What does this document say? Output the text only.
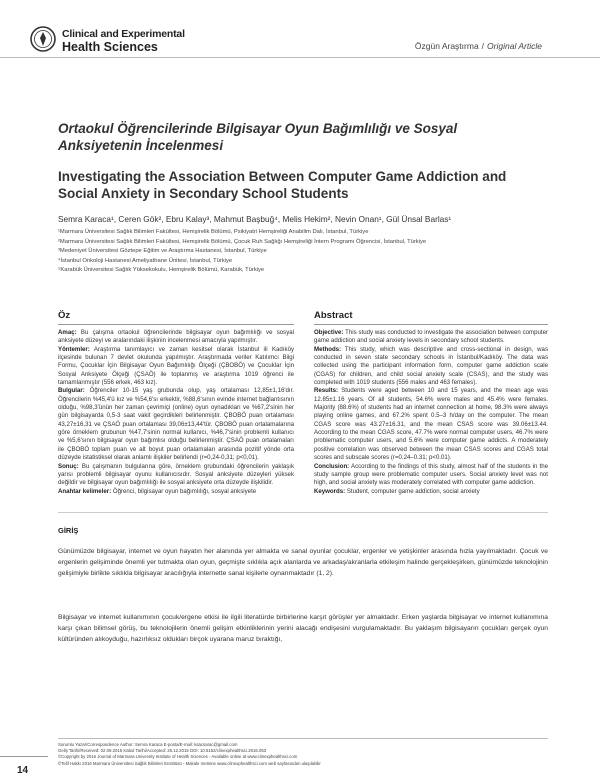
Clinical and Experimental
Health Sciences	Özgün Araştırma / Original Article
Ortaokul Öğrencilerinde Bilgisayar Oyun Bağımlılığı ve Sosyal Anksiyetenin İncelenmesi
Investigating the Association Between Computer Game Addiction and Social Anxiety in Secondary School Students
Semra Karaca¹, Ceren Gök², Ebru Kalay³, Mahmut Başbuğ⁴, Melis Hekim², Nevin Onan¹, Gül Ünsal Barlas¹
¹Marmara Üniversitesi Sağlık Bilimleri Fakültesi, Hemşirelik Bölümü, Psikiyatri Hemşireliği Anabilim Dalı, İstanbul, Türkiye
²Marmara Üniversitesi Sağlık Bilimleri Fakültesi, Hemşirelik Bölümü, Çocuk Ruh Sağlığı Hemşireliği İntern Programı Öğrencisi, İstanbul, Türkiye
³Medeniyet Üniversitesi Göztepe Eğitim ve Araştırma Hastanesi, İstanbul, Türkiye
⁴İstanbul Onkoloji Hastanesi Ameliyathane Ünitesi, İstanbul, Türkiye
⁵Karabük Üniversitesi Sağlık Yüksekokulu, Hemşirelik Bölümü, Karabük, Türkiye
Öz

Amaç: Bu çalışma ortaokul öğrencilerinde bilgisayar oyun bağımlılığı ve sosyal anksiyete düzeyi ve aralarındaki ilişkinin incelenmesi amacıyla yapılmıştır.

Yöntemler: Araştırma tanımlayıcı ve zaman kesitsel olarak İstanbul ili Kadıköy ilçesinde bulunan 7 devlet okulunda yapılmıştır. Araştırmada veriler Katılımcı Bilgi Formu, Çocuklar İçin Bilgisayar Oyun Bağımlılığı Ölçeği (ÇBOBÖ) ve Çocuklar İçin Sosyal Anksiyete Ölçeği (ÇSAÖ) ile toplanmış ve araştırma 1019 öğrenci ile tamamlanmıştır (556 erkek, 463 kız).

Bulgular: Öğrenciler 10-15 yaş grubunda olup, yaş ortalaması 12,85±1,16'dır. Öğrencilerin %45,4'ü kız ve %54,6'sı erkektir, %88,6'sının evinde internet bağlantısının olduğu, %98,3'ünün her zaman çevrimiçi (online) oyun oynadıkları ve %67,2'sinin her gün bilgisayarda 0,5-3 saat vakit geçirdikleri belirlenmiştir. ÇBOBÖ puan ortalaması 43,27±16,31 ve ÇSAÖ puan ortalaması 39,06±13,44'tür. ÇBOBÖ puan ortalamalarına göre örneklem grubunun %47,7'sinin normal kullanıcı, %46,7'sinin problemli kullanıcı ve %5,6'sının bilgisayar oyun bağımlısı olduğu belirlenmiştir. ÇSAÖ puan ortalamaları ile ÇBOBÖ toplam puan ve alt boyut puan ortalamaları arasında pozitif yönde orta düzeyde istatistiksel olarak anlamlı ilişkiler belirlendi (r=0,24-0,31; p<0,01).

Sonuç: Bu çalışmanın bulgularına göre, örneklem grubundaki öğrencilerin yaklaşık yarısı problemli bilgisayar oyunu kullanıcısıdır. Sosyal anksiyete düzeyleri yüksek değildir ve bilgisayar oyun bağımlılığı ile sosyal anksiyete orta düzeyde ilişkilidir.

Anahtar kelimeler: Öğrenci, bilgisayar oyun bağımlılığı, sosyal anksiyete

Abstract

Objective: This study was conducted to investigate the association between computer game addiction and social anxiety levels in secondary school students.

Methods: This study, which was descriptive and cross-sectional in design, was conducted in seven state secondary schools in İstanbul/Kadıköy. The data was collected using the participant information form, computer game addiction scale (CGAS) for children, and child social anxiety scale (CSAS), and the study was completed with 1019 students (556 males and 463 females).

Results: Students were aged between 10 and 15 years, and the mean age was 12.85±1.16 years. Of all students, 54.6% were males and 45.4% were females. Majority (88.6%) of students had an internet connection at home, 98.3% were always playing online games, and 67.2% spent 0.5–3 h/day on the computer. The mean CGAS score was 43.27±16.31, and the mean CSAS score was 39.06±13.44. According to the mean CGAS score, 47.7% were normal computer users, 46.7% were problematic computer users, and 5.6% were computer game addicts. A moderately positive correlation was observed between the mean CSAS scores and CGAS total scores and subscale scores (r=0.24–0.31; p<0.01).

Conclusion: According to the findings of this study, almost half of the students in the study sample group were problematic computer users. Social anxiety level was not high, and social anxiety was moderately correlated with computer game addiction.

Keywords: Student, computer game addiction, social anxiety

GİRİŞ
Günümüzde bilgisayar, internet ve oyun hayatın her alanında yer almakta ve sanal oyunlar çocuklar, ergenler ve yetişkinler arasında hızla yayılmaktadır. Çocuk ve ergenlerin gelişiminde önemli yer tutmakta olan oyun, geçmişte sıklıkla açık alanlarda ve arkadaş/akranlarla etkileşim halinde gerçekleşirken, günümüzde teknolojinin gelişimiyle birlikte sıklıkla bilgisayar aracılığıyla internette sanal kişilerle oynanmaktadır (1, 2).
Bilgisayar ve internet kullanımının çocuk/ergene etkisi ile ilgili literatürde birbirlerine karşıt görüşler yer almaktadır. Erken yaşlarda bilgisayar ve internet kullanımına karşı çıkan bilimsel görüş, bu teknolojilerin önemli gelişim etkinliklerinin yerini alacağı endişesini vurgulamaktadır. Bu yaklaşım bilgisayarın çocukları gerçek oyun kültüründen alıkoyduğu, hazırlıksız oldukları birçok uyarana maruz bıraktığı,
Sorumlu Yazar/Correspondence Author: Semra Karaca E-posta/E-mail: ksacsarac@gmail.com
Geliş Tarihi/Received: 02.09.2015 Kabul Tarihi/Accepted: 25.12.2015 DOI: 10.5152/clinexphealthsci.2016.053
©Copyright by 2016 Journal of Marmara University Institute of Health Sciences - Available online at www.clinexphealthsci.com
©Telif Hakkı 2016 Marmara Üniversitesi Sağlık Bilimleri Enstitüsü - Makale metnine www.clinexphealthsci.com web sayfasından ulaşılabilir
14
